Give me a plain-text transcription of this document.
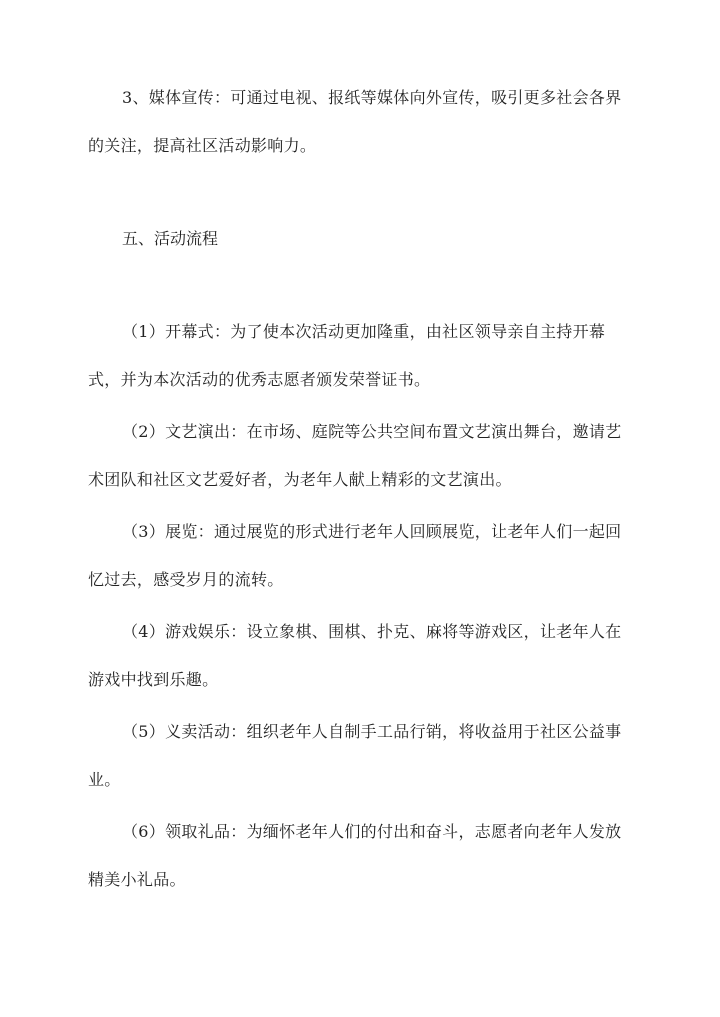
3、媒体宣传：可通过电视、报纸等媒体向外宣传，吸引更多社会各界的关注，提高社区活动影响力。

五、活动流程

（1）开幕式：为了使本次活动更加隆重，由社区领导亲自主持开幕式，并为本次活动的优秀志愿者颁发荣誉证书。

（2）文艺演出：在市场、庭院等公共空间布置文艺演出舞台，邀请艺术团队和社区文艺爱好者，为老年人献上精彩的文艺演出。

（3）展览：通过展览的形式进行老年人回顾展览，让老年人们一起回忆过去，感受岁月的流转。

（4）游戏娱乐：设立象棋、围棋、扑克、麻将等游戏区，让老年人在游戏中找到乐趣。

（5）义卖活动：组织老年人自制手工品行销，将收益用于社区公益事业。

（6）领取礼品：为缅怀老年人们的付出和奋斗，志愿者向老年人发放精美小礼品。
